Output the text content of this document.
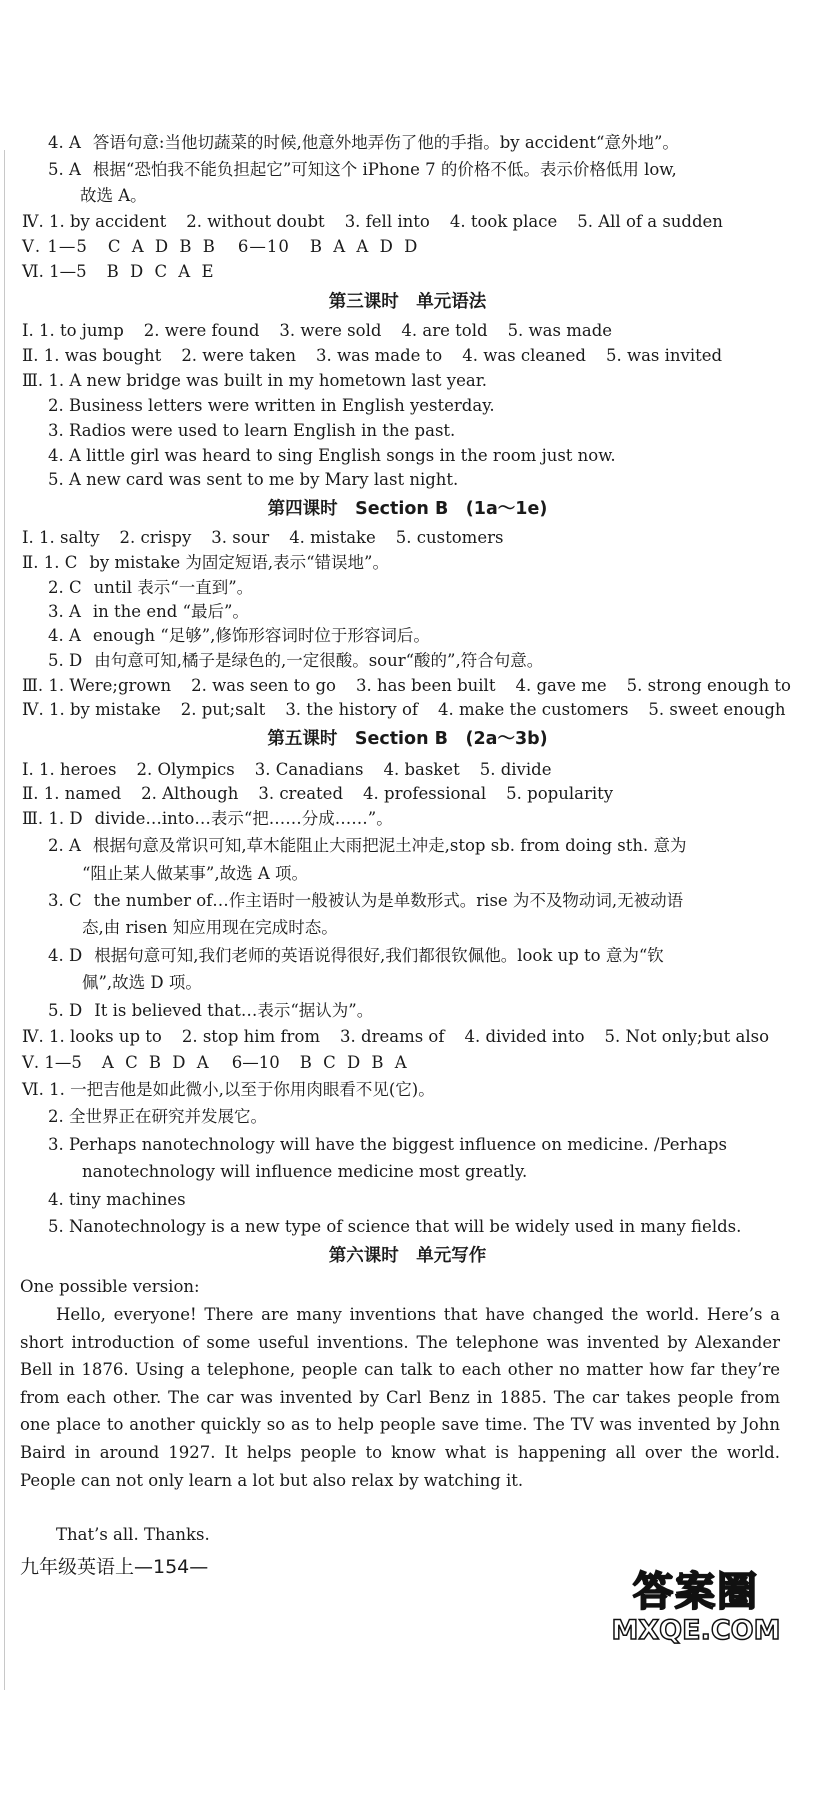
4. A 答语句意:当他切蔬菜的时候,他意外地弄伤了他的手指。by accident“意外地”。
5. A 根据“恐怕我不能负担起它”可知这个 iPhone 7 的价格不低。表示价格低用 low,
故选 A。
Ⅳ. 1. by accident 2. without doubt 3. fell into 4. took place 5. All of a sudden
Ⅴ. 1—5 C A D B B 6—10 B A A D D
Ⅵ. 1—5 B D C A E
第三课时　单元语法
Ⅰ. 1. to jump 2. were found 3. were sold 4. are told 5. was made
Ⅱ. 1. was bought 2. were taken 3. was made to 4. was cleaned 5. was invited
Ⅲ. 1. A new bridge was built in my hometown last year.
2. Business letters were written in English yesterday.
3. Radios were used to learn English in the past.
4. A little girl was heard to sing English songs in the room just now.
5. A new card was sent to me by Mary last night.
第四课时　Section B　(1a～1e)
Ⅰ. 1. salty 2. crispy 3. sour 4. mistake 5. customers
Ⅱ. 1. C by mistake 为固定短语,表示“错误地”。
2. C until 表示“一直到”。
3. A in the end “最后”。
4. A enough “足够”,修饰形容词时位于形容词后。
5. D 由句意可知,橘子是绿色的,一定很酸。sour“酸的”,符合句意。
Ⅲ. 1. Were;grown 2. was seen to go 3. has been built 4. gave me 5. strong enough to
Ⅳ. 1. by mistake 2. put;salt 3. the history of 4. make the customers 5. sweet enough
第五课时　Section B　(2a～3b)
Ⅰ. 1. heroes 2. Olympics 3. Canadians 4. basket 5. divide
Ⅱ. 1. named 2. Although 3. created 4. professional 5. popularity
Ⅲ. 1. D divide…into…表示“把……分成……”。
2. A 根据句意及常识可知,草木能阻止大雨把泥土冲走,stop sb. from doing sth. 意为
“阻止某人做某事”,故选 A 项。
3. C the number of…作主语时一般被认为是单数形式。rise 为不及物动词,无被动语
态,由 risen 知应用现在完成时态。
4. D 根据句意可知,我们老师的英语说得很好,我们都很钦佩他。look up to 意为“钦
佩”,故选 D 项。
5. D It is believed that…表示“据认为”。
Ⅳ. 1. looks up to 2. stop him from 3. dreams of 4. divided into 5. Not only;but also
Ⅴ. 1—5 A C B D A 6—10 B C D B A
Ⅵ. 1. 一把吉他是如此微小,以至于你用肉眼看不见(它)。
2. 全世界正在研究并发展它。
3. Perhaps nanotechnology will have the biggest influence on medicine. /Perhaps
nanotechnology will influence medicine most greatly.
4. tiny machines
5. Nanotechnology is a new type of science that will be widely used in many fields.
第六课时　单元写作
One possible version:
Hello, everyone! There are many inventions that have changed the world. Here’s a short introduction of some useful inventions. The telephone was invented by Alexander Bell in 1876. Using a telephone, people can talk to each other no matter how far they’re from each other. The car was invented by Carl Benz in 1885. The car takes people from one place to another quickly so as to help people save time. The TV was invented by John Baird in around 1927. It helps people to know what is happening all over the world. People can not only learn a lot but also relax by watching it.
That’s all. Thanks.
九年级英语上—154—
答案圈
MXQE.COM
